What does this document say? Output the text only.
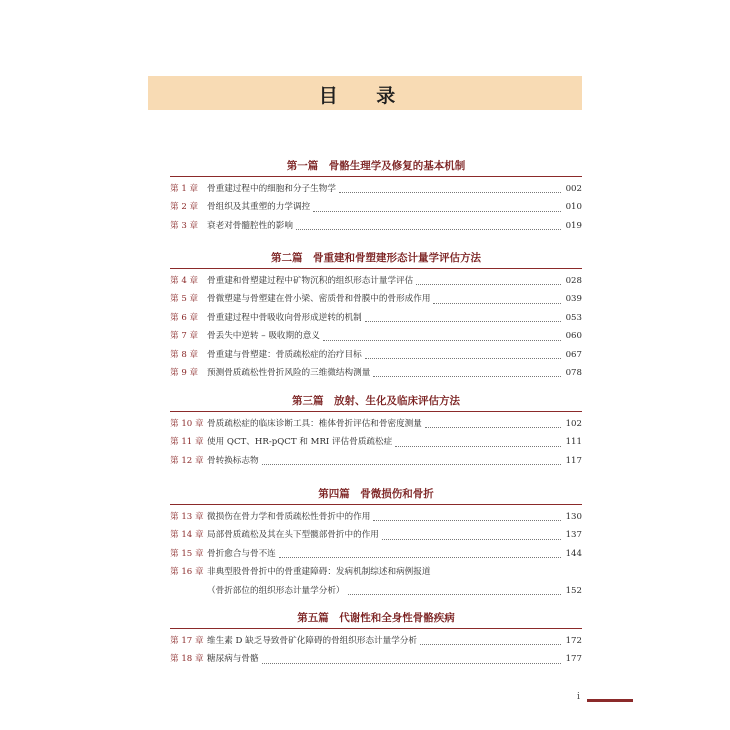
目 录
第一篇　骨骼生理学及修复的基本机制
第 1 章	骨重建过程中的细胞和分子生物学	002
第 2 章	骨组织及其重塑的力学调控	010
第 3 章	衰老对骨髓腔性的影响	019
第二篇　骨重建和骨塑建形态计量学评估方法
第 4 章	骨重建和骨塑建过程中矿物沉积的组织形态计量学评估	028
第 5 章	骨微塑建与骨塑建在骨小梁、密质骨和骨膜中的骨形成作用	039
第 6 章	骨重建过程中骨吸收向骨形成逆转的机制	053
第 7 章	骨丢失中逆转 – 吸收期的意义	060
第 8 章	骨重建与骨塑建：骨质疏松症的治疗目标	067
第 9 章	预测骨质疏松性骨折风险的三维微结构测量	078
第三篇　放射、生化及临床评估方法
第 10 章 骨质疏松症的临床诊断工具：椎体骨折评估和骨密度测量	102
第 11 章 使用 QCT、HR-pQCT 和 MRI 评估骨质疏松症	111
第 12 章 骨转换标志物	117
第四篇　骨微损伤和骨折
第 13 章 微损伤在骨力学和骨质疏松性骨折中的作用	130
第 14 章 局部骨质疏松及其在头下型髋部骨折中的作用	137
第 15 章 骨折愈合与骨不连	144
第 16 章 非典型股骨骨折中的骨重建障碍：发病机制综述和病例报道
（骨折部位的组织形态计量学分析）	152
第五篇　代谢性和全身性骨骼疾病
第 17 章 维生素 D 缺乏导致骨矿化障碍的骨组织形态计量学分析	172
第 18 章 糖尿病与骨骼	177
i
